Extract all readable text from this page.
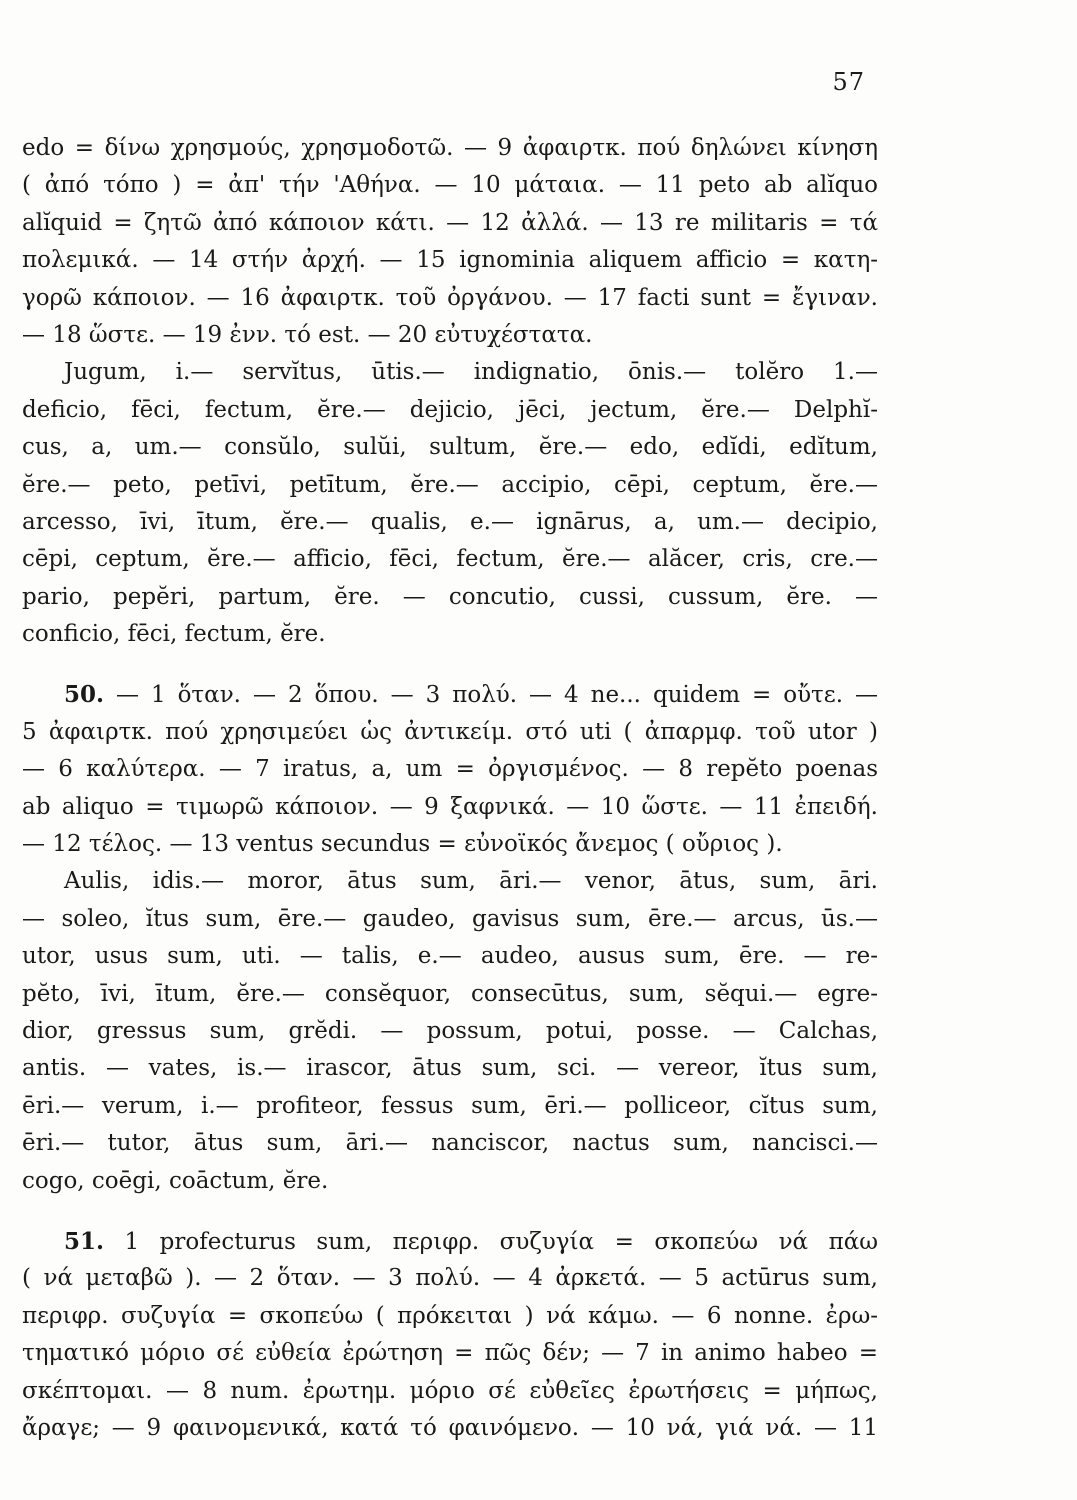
57
edo = δίνω χρησμούς, χρησμοδοτῶ. — 9 ἀφαιρτκ. πού δηλώνει κίνηση
( ἀπό τόπο ) = ἀπ' τήν 'Αθήνα. — 10 μάταια. — 11 peto ab alĭquo
alĭquid = ζητῶ ἀπό κάποιον κάτι. — 12 ἀλλά. — 13 re militaris = τά
πολεμικά. — 14 στήν ἀρχή. — 15 ignominia aliquem afficio = κατη-
γορῶ κάποιον. — 16 ἀφαιρτκ. τοῦ ὀργάνου. — 17 facti sunt = ἔγιναν.
— 18 ὥστε. — 19 ἐνν. τό est. — 20 εὐτυχέστατα.
Jugum, i.— servĭtus, ūtis.— indignatio, ōnis.— tolĕro 1.—
deficio, fēci, fectum, ĕre.— dejicio, jēci, jectum, ĕre.— Delphĭ-
cus, a, um.— consŭlo, sulŭi, sultum, ĕre.— edo, edĭdi, edĭtum,
ĕre.— peto, petīvi, petītum, ĕre.— accipio, cēpi, ceptum, ĕre.—
arcesso, īvi, ītum, ĕre.— qualis, e.— ignārus, a, um.— decipio,
cēpi, ceptum, ĕre.— afficio, fēci, fectum, ĕre.— alăcer, cris, cre.—
pario, pepĕri, partum, ĕre. — concutio, cussi, cussum, ĕre. —
conficio, fēci, fectum, ĕre.
50. — 1 ὅταν. — 2 ὅπου. — 3 πολύ. — 4 ne... quidem = οὔτε. —
5 ἀφαιρτκ. πού χρησιμεύει ὡς ἀντικείμ. στό uti ( ἀπαρμφ. τοῦ utor )
— 6 καλύτερα. — 7 iratus, a, um = ὀργισμένος. — 8 repĕto poenas
ab aliquo = τιμωρῶ κάποιον. — 9 ξαφνικά. — 10 ὥστε. — 11 ἐπειδή.
— 12 τέλος. — 13 ventus secundus = εὐνοϊκός ἄνεμος ( οὔριος ).
Aulis, idis.— moror, ātus sum, āri.— venor, ātus, sum, āri.
— soleo, ĭtus sum, ēre.— gaudeo, gavisus sum, ēre.— arcus, ūs.—
utor, usus sum, uti. — talis, e.— audeo, ausus sum, ēre. — re-
pĕto, īvi, ītum, ĕre.— consĕquor, consecūtus, sum, sĕqui.— egre-
dior, gressus sum, grĕdi. — possum, potui, posse. — Calchas,
antis. — vates, is.— irascor, ātus sum, sci. — vereor, ĭtus sum,
ēri.— verum, i.— profiteor, fessus sum, ēri.— polliceor, cĭtus sum,
ēri.— tutor, ātus sum, āri.— nanciscor, nactus sum, nancisci.—
cogo, coēgi, coāctum, ĕre.
51. 1 profecturus sum, περιφρ. συζυγία = σκοπεύω νά πάω
( νά μεταβῶ ). — 2 ὅταν. — 3 πολύ. — 4 ἀρκετά. — 5 actūrus sum,
περιφρ. συζυγία = σκοπεύω ( πρόκειται ) νά κάμω. — 6 nonne. ἐρω-
τηματικό μόριο σέ εὐθεία ἐρώτηση = πῶς δέν; — 7 in animo habeo =
σκέπτομαι. — 8 num. ἐρωτημ. μόριο σέ εὐθεῖες ἐρωτήσεις = μήπως,
ἄραγε; — 9 φαινομενικά, κατά τό φαινόμενο. — 10 νά, γιά νά. — 11
